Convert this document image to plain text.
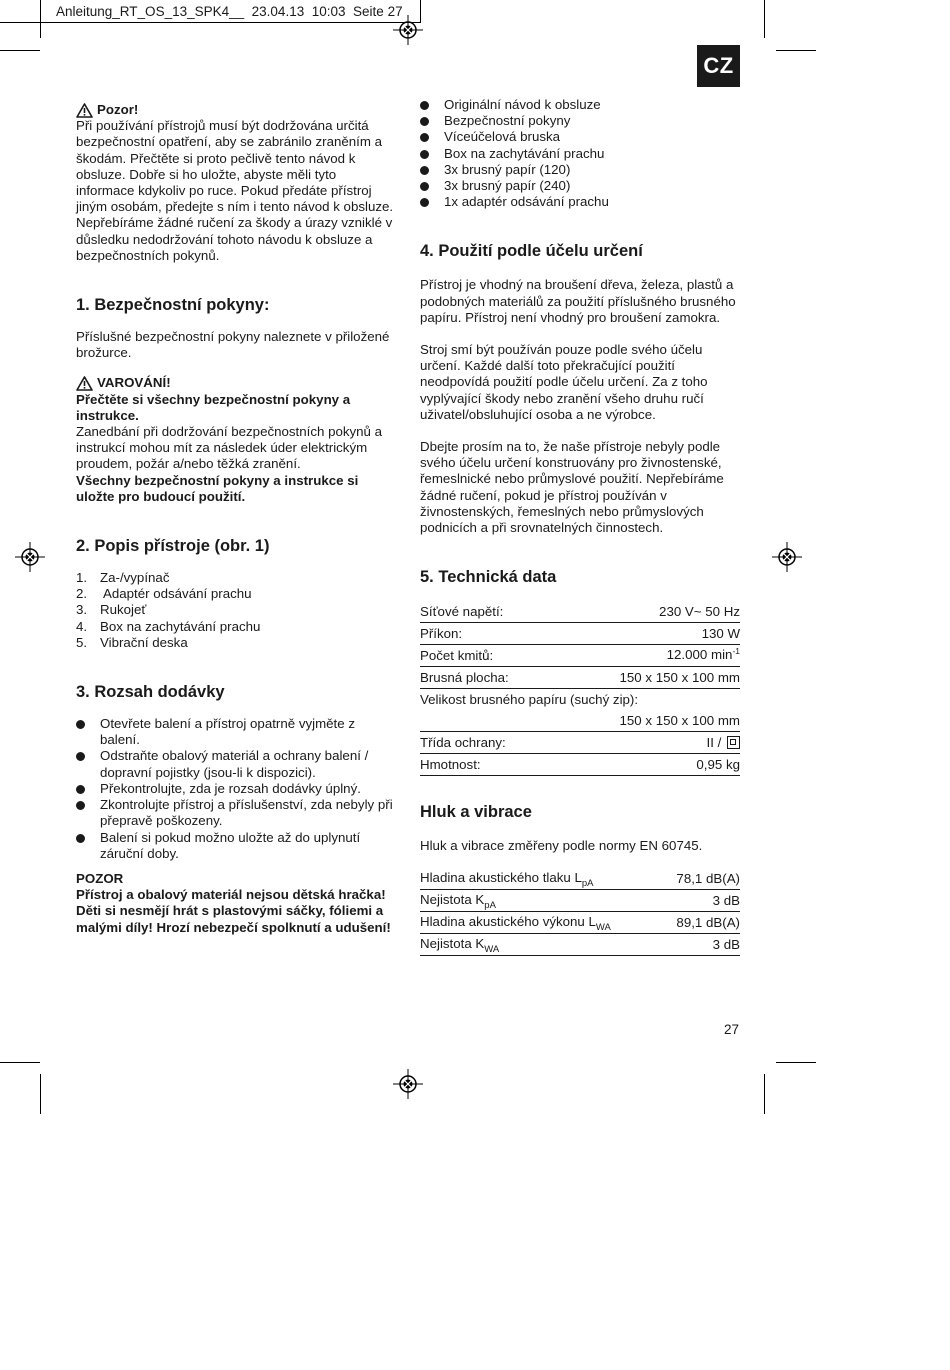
Anleitung_RT_OS_13_SPK4__ 23.04.13 10:03 Seite 27
CZ
Pozor!

Při používání přístrojů musí být dodržována určitá bezpečnostní opatření, aby se zabránilo zraněním a škodám. Přečtěte si proto pečlivě tento návod k obsluze. Dobře si ho uložte, abyste měli tyto informace kdykoliv po ruce. Pokud předáte přístroj jiným osobám, předejte s ním i tento návod k obsluze.

Nepřebíráme žádné ručení za škody a úrazy vzniklé v důsledku nedodržování tohoto návodu k obsluze a bezpečnostních pokynů.

1. Bezpečnostní pokyny:

Příslušné bezpečnostní pokyny naleznete v přiložené brožurce.

VAROVÁNÍ!

Přečtěte si všechny bezpečnostní pokyny a instrukce.

Zanedbání při dodržování bezpečnostních pokynů a instrukcí mohou mít za následek úder elektrickým proudem, požár a/nebo těžká zranění.

Všechny bezpečnostní pokyny a instrukce si uložte pro budoucí použití.

2. Popis přístroje (obr. 1)
1. Za-/vypínač
2. Adaptér odsávání prachu
3. Rukojeť
4. Box na zachytávání prachu
5. Vibrační deska
3. Rozsah dodávky
Otevřete balení a přístroj opatrně vyjměte z balení.
Odstraňte obalový materiál a ochrany balení / dopravní pojistky (jsou-li k dispozici).
Překontrolujte, zda je rozsah dodávky úplný.
Zkontrolujte přístroj a příslušenství, zda nebyly při přepravě poškozeny.
Balení si pokud možno uložte až do uplynutí záruční doby.

POZOR

Přístroj a obalový materiál nejsou dětská hračka! Děti si nesmějí hrát s plastovými sáčky, fóliemi a malými díly! Hrozí nebezpečí spolknutí a udušení!

Originální návod k obsluze
Bezpečnostní pokyny
Víceúčelová bruska
Box na zachytávání prachu
3x brusný papír (120)
3x brusný papír (240)
1x adaptér odsávání prachu
4. Použití podle účelu určení

Přístroj je vhodný na broušení dřeva, železa, plastů a podobných materiálů za použití příslušného brusného papíru. Přístroj není vhodný pro broušení zamokra.

Stroj smí být používán pouze podle svého účelu určení. Každé další toto překračující použití neodpovídá použití podle účelu určení. Za z toho vyplývající škody nebo zranění všeho druhu ručí uživatel/obsluhující osoba a ne výrobce.

Dbejte prosím na to, že naše přístroje nebyly podle svého účelu určení konstruovány pro živnostenské, řemeslnické nebo průmyslové použití. Nepřebíráme žádné ručení, pokud je přístroj používán v živnostenských, řemeslných nebo průmyslových podnicích a při srovnatelných činnostech.

5. Technická data
Síťové napětí:	230 V~ 50 Hz
Příkon:	130 W
Počet kmitů:	12.000 $\min^{-1}$
Brusná plocha:	150 x 150 x 100 mm
Velikost brusného papíru (suchý zip):	
	150 x 150 x 100 mm
Třída ochrany:	II /
Hmotnost:	0,95 kg
Hluk a vibrace

Hluk a vibrace změřeny podle normy EN 60745.

Hladina akustického tlaku $L_{pA}$	78,1 dB(A)
Nejistota $K_{pA}$	3 dB
Hladina akustického výkonu $L_{WA}$	89,1 dB(A)
Nejistota $K_{WA}$	3 dB
27
